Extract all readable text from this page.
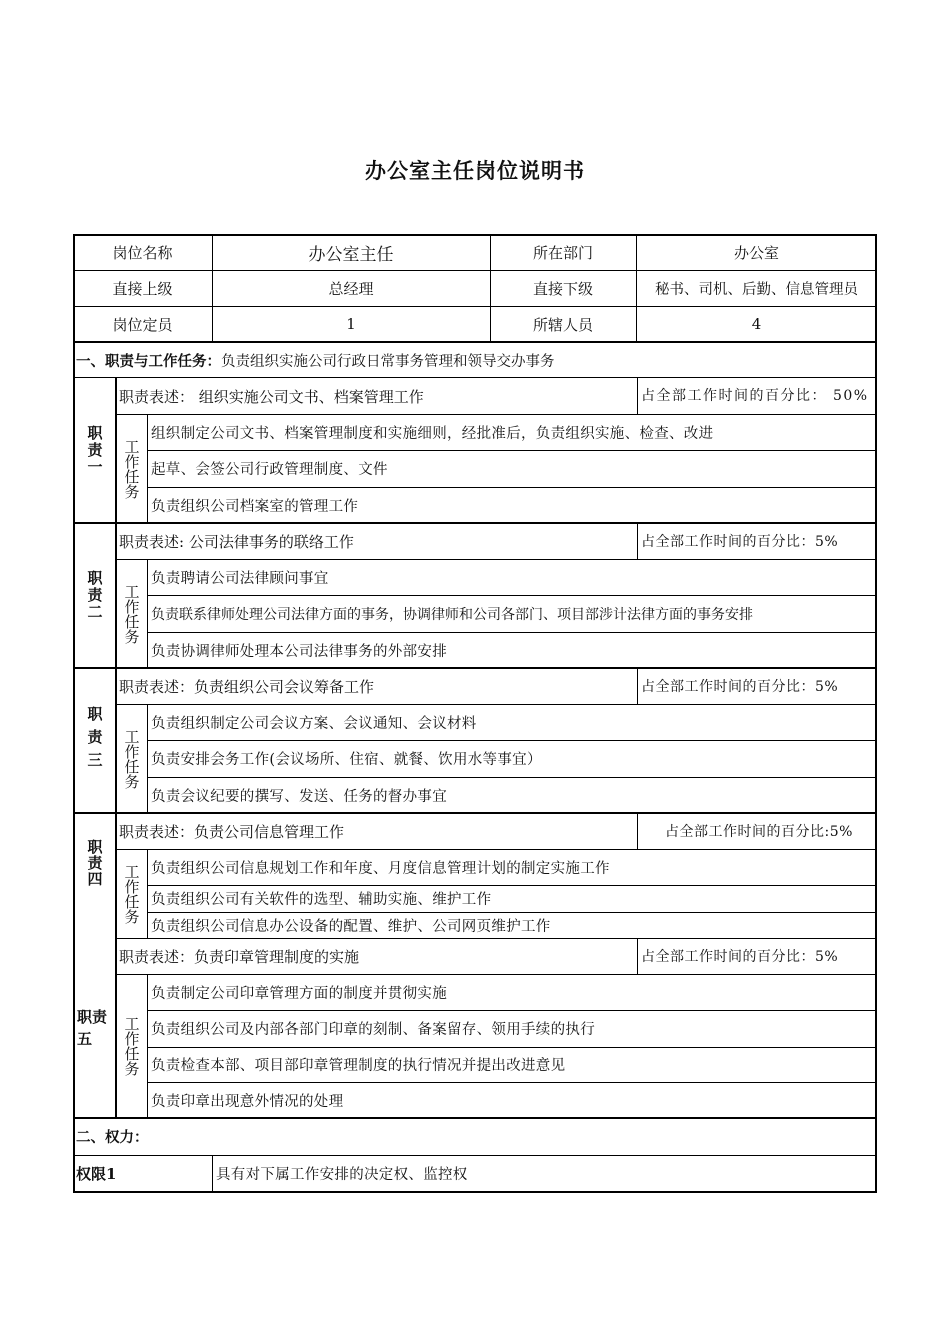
办公室主任岗位说明书
岗位名称	办公室主任	所在部门	办公室
直接上级	总经理	直接下级	秘书、司机、后勤、信息管理员
岗位定员	1	所辖人员	4
一、职责与工作任务： 负责组织实施公司行政日常事务管理和领导交办事务
职责一
职责表述： 组织实施公司文书、档案管理工作	占全部工作时间的百分比： 50%
工作任务
组织制定公司文书、档案管理制度和实施细则，经批准后，负责组织实施、检查、改进
起草、会签公司行政管理制度、文件
负责组织公司档案室的管理工作
职责二
职责表述: 公司法律事务的联络工作	占全部工作时间的百分比：5%
工作任务
负责聘请公司法律顾问事宜
负责联系律师处理公司法律方面的事务，协调律师和公司各部门、项目部涉计法律方面的事务安排
负责协调律师处理本公司法律事务的外部安排
职责三
职责表述：负责组织公司会议筹备工作	占全部工作时间的百分比：5%
工作任务
负责组织制定公司会议方案、会议通知、会议材料
负责安排会务工作(会议场所、住宿、就餐、饮用水等事宜）
负责会议纪要的撰写、发送、任务的督办事宜
职责四
职责表述：负责公司信息管理工作	占全部工作时间的百分比:5%
工作任务 负责组织公司信息规划工作和年度、月度信息管理计划的制定实施工作
负责组织公司有关软件的选型、辅助实施、维护工作
负责组织公司信息办公设备的配置、维护、公司网页维护工作
职责五
职责表述：负责印章管理制度的实施	占全部工作时间的百分比：5%
工作任务
负责制定公司印章管理方面的制度并贯彻实施
负责组织公司及内部各部门印章的刻制、备案留存、领用手续的执行
负责检查本部、项目部印章管理制度的执行情况并提出改进意见
负责印章出现意外情况的处理
二、权力：
权限1	具有对下属工作安排的决定权、监控权
